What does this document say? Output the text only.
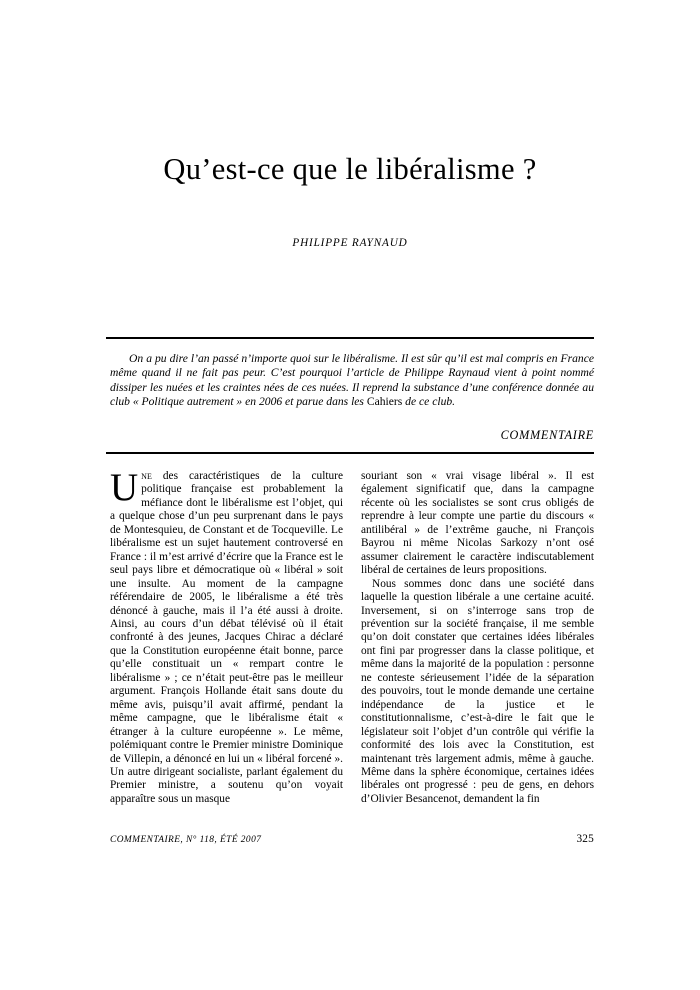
Qu’est-ce que le libéralisme ?
PHILIPPE RAYNAUD
On a pu dire l’an passé n’importe quoi sur le libéralisme. Il est sûr qu’il est mal compris en France même quand il ne fait pas peur. C’est pourquoi l’article de Philippe Raynaud vient à point nommé dissiper les nuées et les craintes nées de ces nuées. Il reprend la substance d’une conférence donnée au club « Politique autrement » en 2006 et parue dans les Cahiers de ce club.
COMMENTAIRE

Une des caractéristiques de la culture politique française est probablement la méfiance dont le libéralisme est l’objet, qui a quelque chose d’un peu surprenant dans le pays de Montesquieu, de Constant et de Tocqueville. Le libéralisme est un sujet hautement controversé en France : il m’est arrivé d’écrire que la France est le seul pays libre et démocratique où « libéral » soit une insulte. Au moment de la campagne référendaire de 2005, le libéralisme a été très dénoncé à gauche, mais il l’a été aussi à droite. Ainsi, au cours d’un débat télévisé où il était confronté à des jeunes, Jacques Chirac a déclaré que la Constitution européenne était bonne, parce qu’elle constituait un « rempart contre le libéralisme » ; ce n’était peut-être pas le meilleur argument. François Hollande était sans doute du même avis, puisqu’il avait affirmé, pendant la même campagne, que le libéralisme était « étranger à la culture européenne ». Le même, polémiquant contre le Premier ministre Dominique de Villepin, a dénoncé en lui un « libéral forcené ». Un autre dirigeant socialiste, parlant également du Premier ministre, a soutenu qu’on voyait apparaître sous un masque

souriant son « vrai visage libéral ». Il est également significatif que, dans la campagne récente où les socialistes se sont crus obligés de reprendre à leur compte une partie du discours « antilibéral » de l’extrême gauche, ni François Bayrou ni même Nicolas Sarkozy n’ont osé assumer clairement le caractère indiscutablement libéral de certaines de leurs propositions.

Nous sommes donc dans une société dans laquelle la question libérale a une certaine acuité. Inversement, si on s’interroge sans trop de prévention sur la société française, il me semble qu’on doit constater que certaines idées libérales ont fini par progresser dans la classe politique, et même dans la majorité de la population : personne ne conteste sérieusement l’idée de la séparation des pouvoirs, tout le monde demande une certaine indépendance de la justice et le constitutionnalisme, c’est-à-dire le fait que le législateur soit l’objet d’un contrôle qui vérifie la conformité des lois avec la Constitution, est maintenant très largement admis, même à gauche. Même dans la sphère économique, certaines idées libérales ont progressé : peu de gens, en dehors d’Olivier Besancenot, demandent la fin

COMMENTAIRE, N° 118, ÉTÉ 2007	325
